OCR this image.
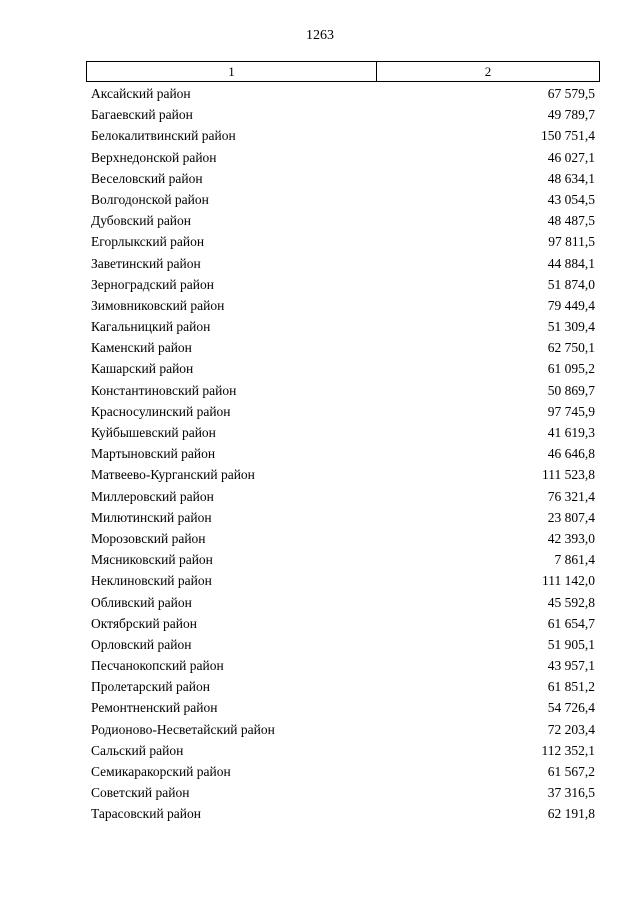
1263
1	2
Аксайский район	67 579,5
Багаевский район	49 789,7
Белокалитвинский район	150 751,4
Верхнедонской район	46 027,1
Веселовский район	48 634,1
Волгодонской район	43 054,5
Дубовский район	48 487,5
Егорлыкский район	97 811,5
Заветинский район	44 884,1
Зерноградский район	51 874,0
Зимовниковский район	79 449,4
Кагальницкий район	51 309,4
Каменский район	62 750,1
Кашарский район	61 095,2
Константиновский район	50 869,7
Красносулинский район	97 745,9
Куйбышевский район	41 619,3
Мартыновский район	46 646,8
Матвеево-Курганский район	111 523,8
Миллеровский район	76 321,4
Милютинский район	23 807,4
Морозовский район	42 393,0
Мясниковский район	7 861,4
Неклиновский район	111 142,0
Обливский район	45 592,8
Октябрский район	61 654,7
Орловский район	51 905,1
Песчанокопский район	43 957,1
Пролетарский район	61 851,2
Ремонтненский район	54 726,4
Родионово-Несветайский район	72 203,4
Сальский район	112 352,1
Семикаракорский район	61 567,2
Советский район	37 316,5
Тарасовский район	62 191,8
